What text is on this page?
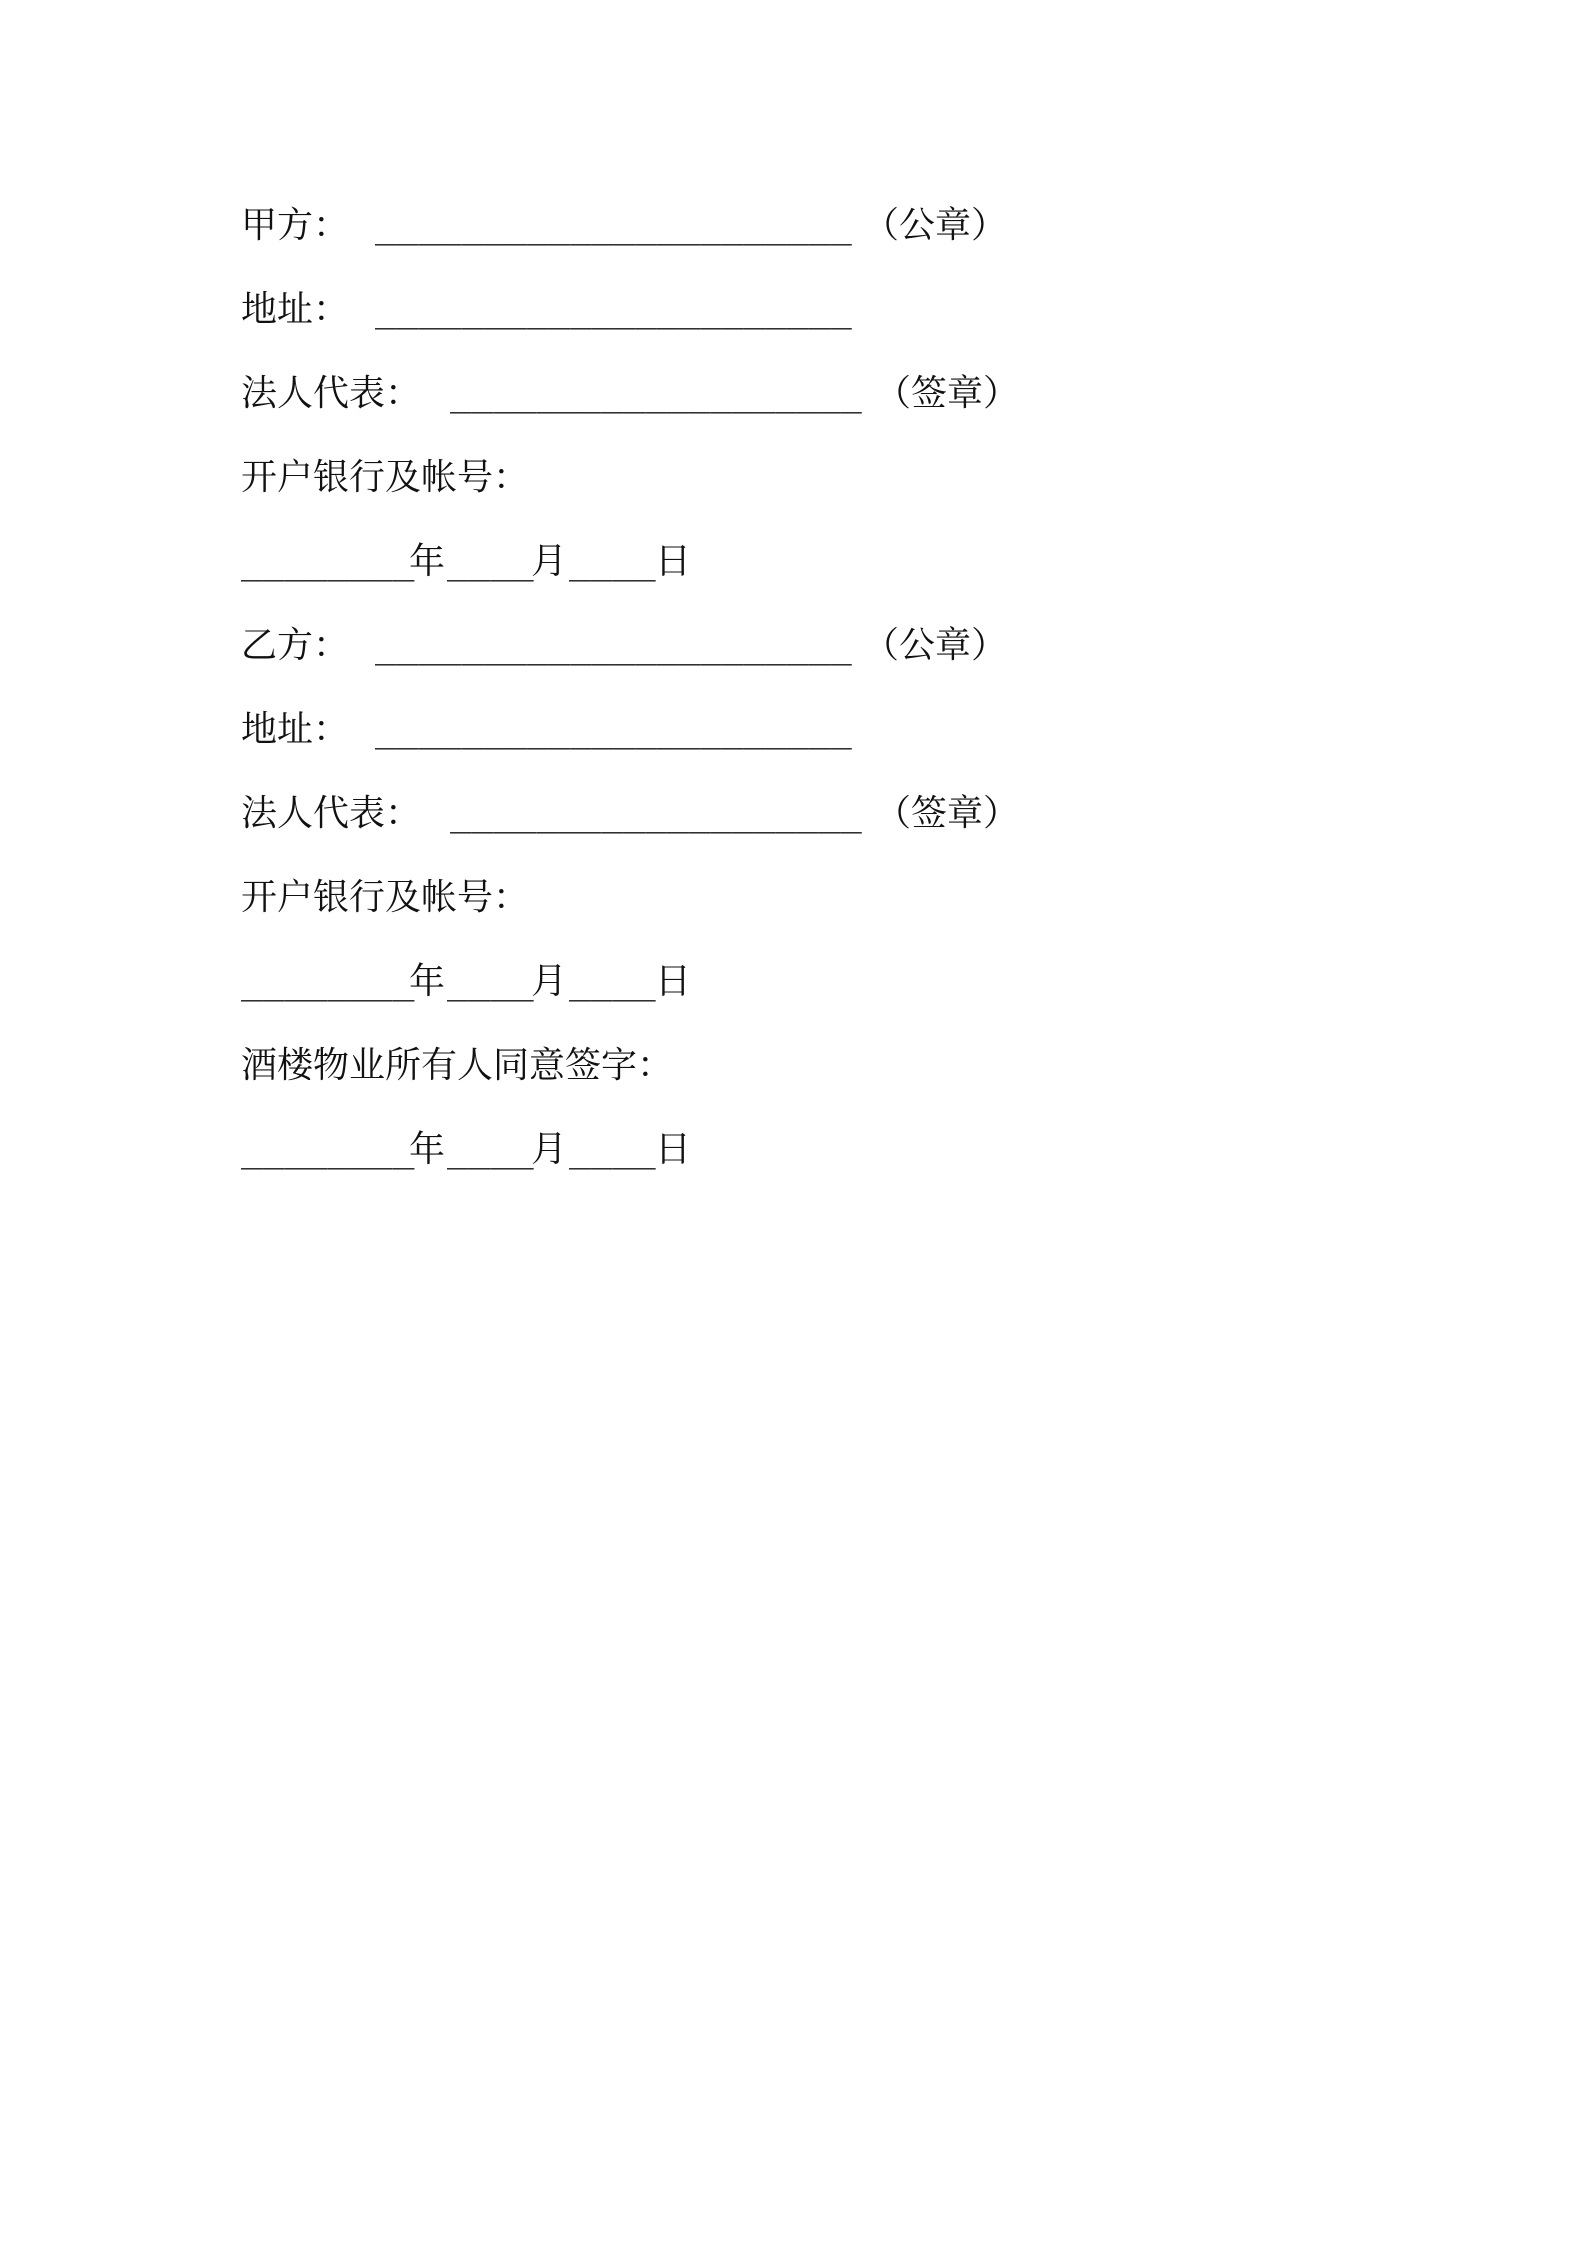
甲方：

______________________

（公章）

地址：

______________________

法人代表：

___________________

（签章）

开户银行及帐号：

________

年

____

月

____

日

乙方：

______________________

（公章）

地址：

______________________

法人代表：

___________________

（签章）

开户银行及帐号：

________

年

____

月

____

日

酒楼物业所有人同意签字：

________

年

____

月

____

日
